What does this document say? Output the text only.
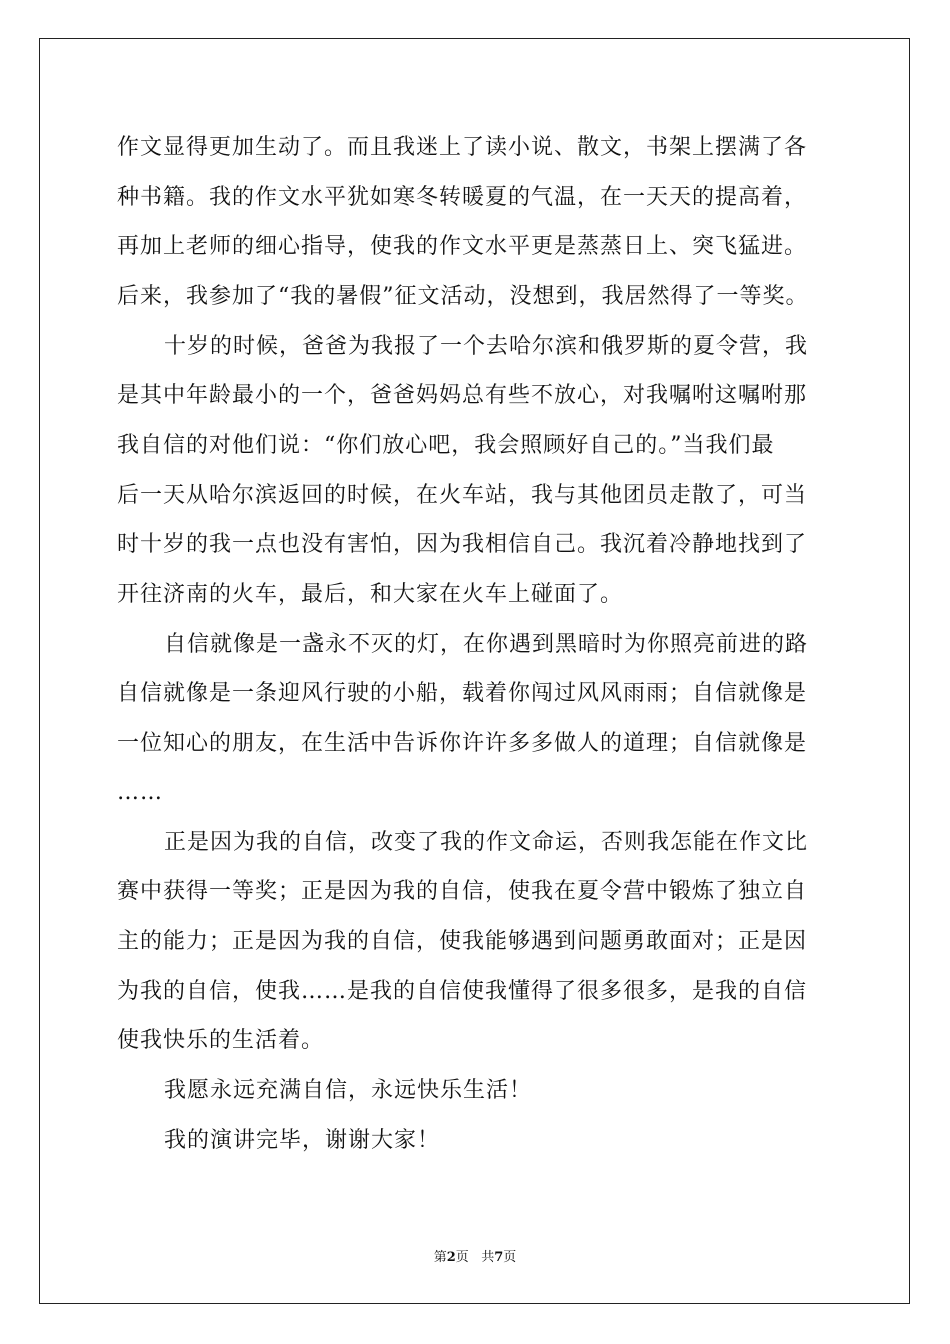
作文显得更加生动了。而且我迷上了读小说、散文，书架上摆满了各

种书籍。我的作文水平犹如寒冬转暖夏的气温，在一天天的提高着，

再加上老师的细心指导，使我的作文水平更是蒸蒸日上、突飞猛进。

后来，我参加了“我的暑假”征文活动，没想到，我居然得了一等奖。

十岁的时候，爸爸为我报了一个去哈尔滨和俄罗斯的夏令营，我

是其中年龄最小的一个，爸爸妈妈总有些不放心，对我嘱咐这嘱咐那

我自信的对他们说：“你们放心吧，我会照顾好自己的。”当我们最

后一天从哈尔滨返回的时候，在火车站，我与其他团员走散了，可当

时十岁的我一点也没有害怕，因为我相信自己。我沉着冷静地找到了

开往济南的火车，最后，和大家在火车上碰面了。

自信就像是一盏永不灭的灯，在你遇到黑暗时为你照亮前进的路

自信就像是一条迎风行驶的小船，载着你闯过风风雨雨；自信就像是

一位知心的朋友，在生活中告诉你许许多多做人的道理；自信就像是

……

正是因为我的自信，改变了我的作文命运，否则我怎能在作文比

赛中获得一等奖；正是因为我的自信，使我在夏令营中锻炼了独立自

主的能力；正是因为我的自信，使我能够遇到问题勇敢面对；正是因

为我的自信，使我……是我的自信使我懂得了很多很多，是我的自信

使我快乐的生活着。

我愿永远充满自信，永远快乐生活！

我的演讲完毕，谢谢大家！

第2页 共7页
